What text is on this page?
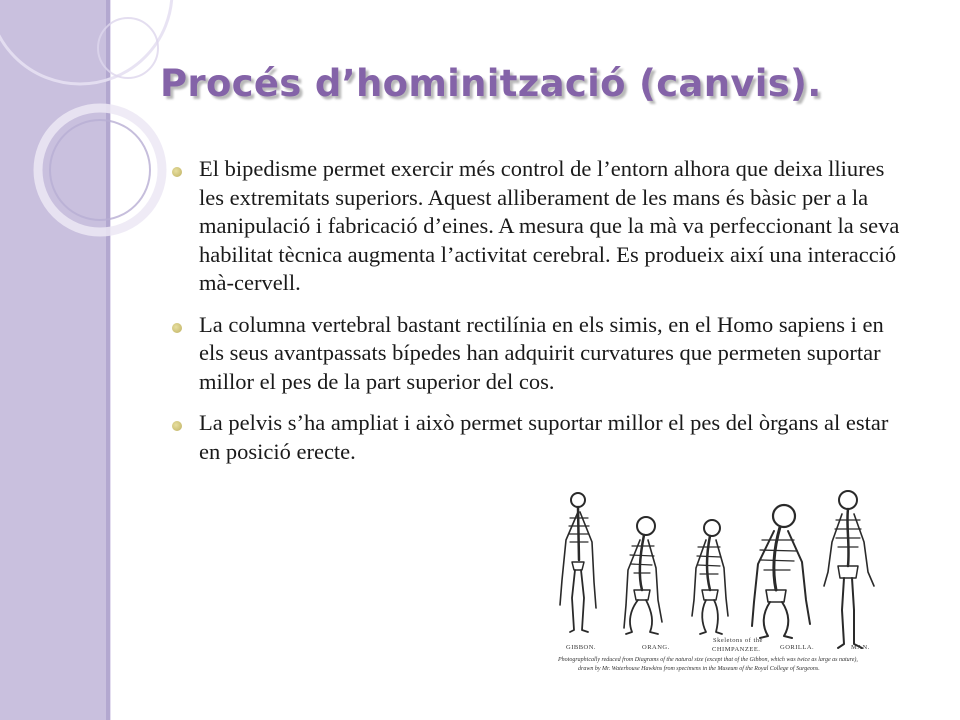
Procés d’hominització (canvis).
El bipedisme permet exercir més control de l’entorn alhora que deixa lliures les extremitats superiors. Aquest alliberament de les mans és bàsic per a la manipulació i fabricació d’eines. A mesura que la mà va perfeccionant la seva habilitat tècnica augmenta l’activitat cerebral. Es produeix així una interacció mà-cervell.
La columna vertebral bastant rectilínia en els simis, en el Homo sapiens i en els seus avantpassats bípedes han adquirit curvatures que permeten suportar millor el pes de la part superior del cos.
La pelvis s’ha ampliat i això permet suportar millor el pes del òrgans al estar en posició erecte.
Skeletons of the
CHIMPANZEE.
GIBBON.	ORANG.	GORILLA.	MAN.
Photographically reduced from Diagrams of the natural size (except that of the Gibbon, which was twice as large as nature),
drawn by Mr. Waterhouse Hawkins from specimens in the Museum of the Royal College of Surgeons.
